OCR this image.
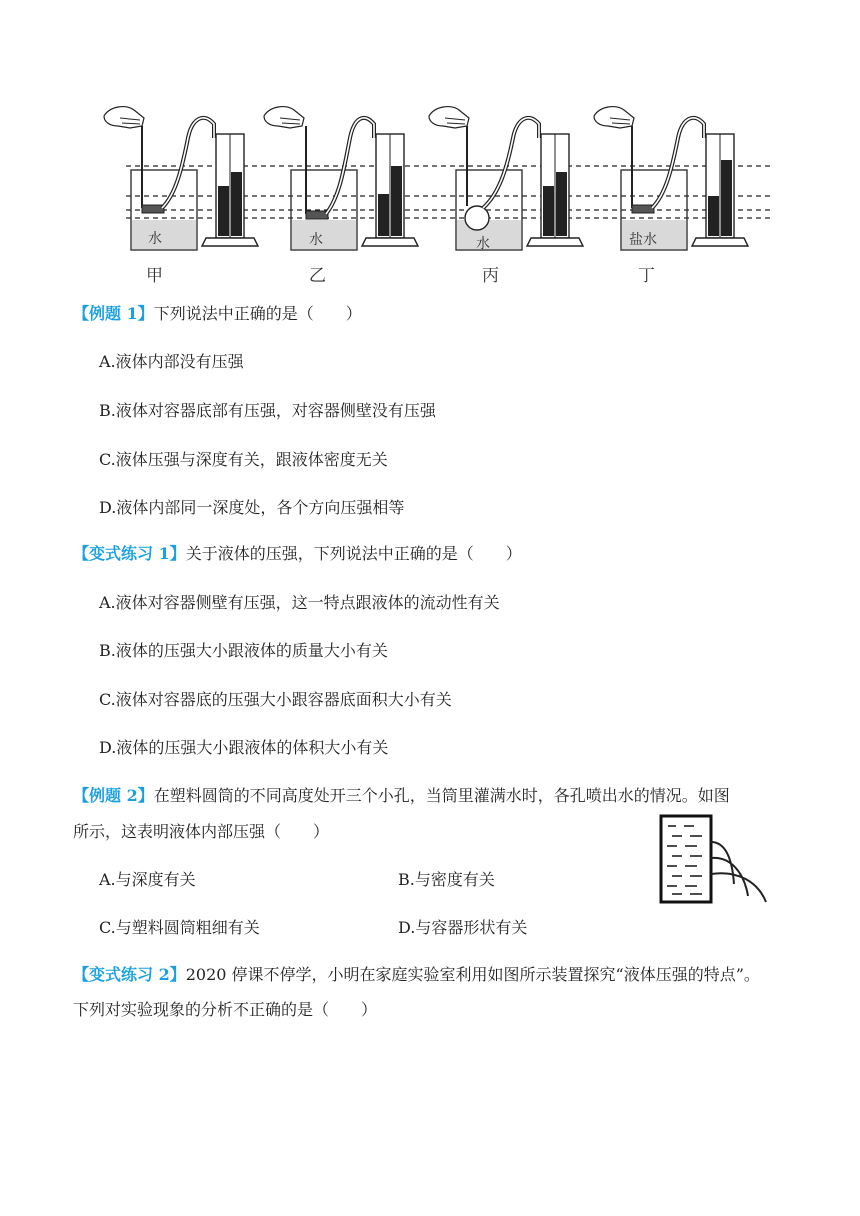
水	水	水	盐水
甲	乙	丙	丁
【例题 1】下列说法中正确的是（　　）
A.液体内部没有压强
B.液体对容器底部有压强，对容器侧壁没有压强
C.液体压强与深度有关，跟液体密度无关
D.液体内部同一深度处，各个方向压强相等
【变式练习 1】关于液体的压强，下列说法中正确的是（　　）
A.液体对容器侧壁有压强，这一特点跟液体的流动性有关
B.液体的压强大小跟液体的质量大小有关
C.液体对容器底的压强大小跟容器底面积大小有关
D.液体的压强大小跟液体的体积大小有关
【例题 2】在塑料圆筒的不同高度处开三个小孔，当筒里灌满水时，各孔喷出水的情况。如图
所示，这表明液体内部压强（　　）
A.与深度有关	B.与密度有关
C.与塑料圆筒粗细有关	D.与容器形状有关
【变式练习 2】2020 停课不停学，小明在家庭实验室利用如图所示装置探究“液体压强的特点”。
下列对实验现象的分析不正确的是（　　）
